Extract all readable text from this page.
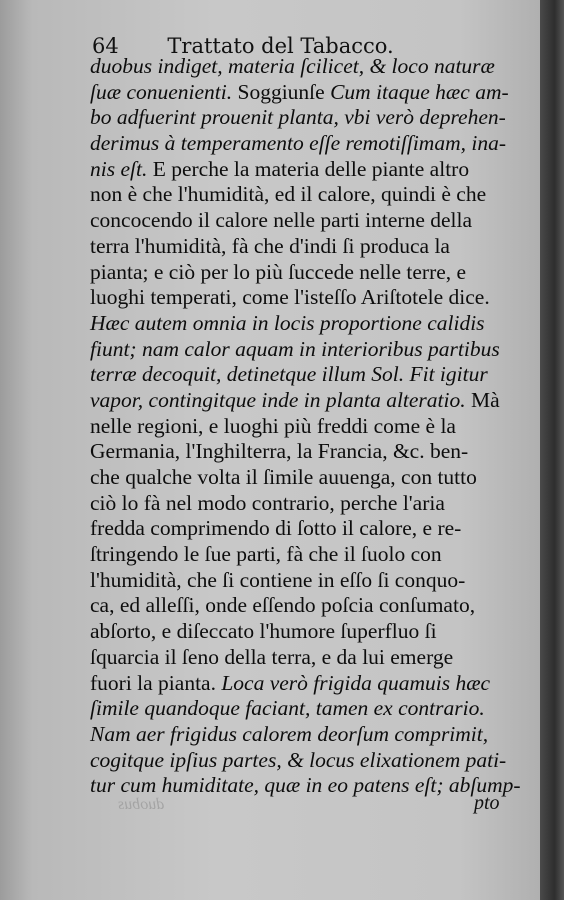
64 Trattato del Tabacco.
duobus indiget, materia ſcilicet, & loco naturæ
ſuæ conuenienti. Soggiunſe Cum itaque hæc am-
bo adfuerint prouenit planta, vbi verò deprehen-
derimus à temperamento eſſe remotiſſimam, ina-
nis eſt. E perche la materia delle piante altro
non è che l'humidità, ed il calore, quindi è che
concocendo il calore nelle parti interne della
terra l'humidità, fà che d'indi ſi produca la
pianta; e ciò per lo più ſuccede nelle terre, e
luoghi temperati, come l'isteſſo Ariſtotele dice.
Hæc autem omnia in locis proportione calidis
fiunt; nam calor aquam in interioribus partibus
terræ decoquit, detinetque illum Sol. Fit igitur
vapor, contingitque inde in planta alteratio. Mà
nelle regioni, e luoghi più freddi come è la
Germania, l'Inghilterra, la Francia, &c. ben-
che qualche volta il ſimile auuenga, con tutto
ciò lo fà nel modo contrario, perche l'aria
fredda comprimendo di ſotto il calore, e re-
ſtringendo le ſue parti, fà che il ſuolo con
l'humidità, che ſi contiene in eſſo ſi conquo-
ca, ed alleſſi, onde eſſendo poſcia conſumato,
abſorto, e diſeccato l'humore ſuperfluo ſi
ſquarcia il ſeno della terra, e da lui emerge
fuori la pianta. Loca verò frigida quamuis hæc
ſimile quandoque faciant, tamen ex contrario.
Nam aer frigidus calorem deorſum comprimit,
cogitque ipſius partes, & locus elixationem pati-
tur cum humiditate, quæ in eo patens eſt; abſump-
duobus	pto
